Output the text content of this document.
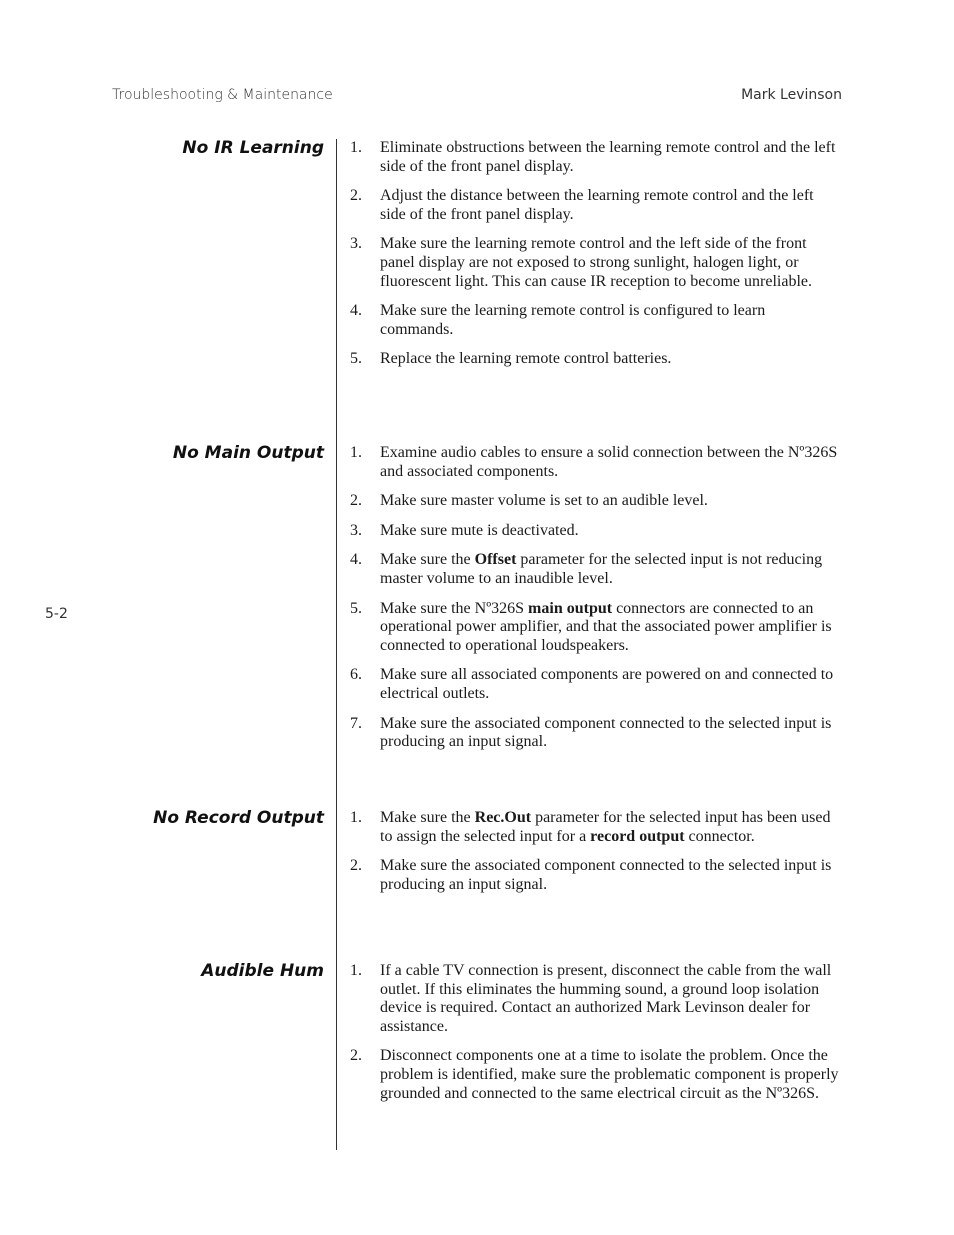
Troubleshooting & Maintenance	Mark Levinson
5-2
No IR Learning 1.	Eliminate obstructions between the learning remote control and the left side of the front panel display.
2.	Adjust the distance between the learning remote control and the left side of the front panel display.
3.	Make sure the learning remote control and the left side of the front panel display are not exposed to strong sunlight, halogen light, or fluorescent light. This can cause IR reception to become unreliable.
4.	Make sure the learning remote control is configured to learn commands.
5.	Replace the learning remote control batteries.
No Main Output 1.	Examine audio cables to ensure a solid connection between the Nº326S and associated components.
2.	Make sure master volume is set to an audible level.
3.	Make sure mute is deactivated.
4.	Make sure the Offset parameter for the selected input is not reducing master volume to an inaudible level.
5.	Make sure the Nº326S main output connectors are connected to an operational power amplifier, and that the associated power amplifier is connected to operational loudspeakers.
6.	Make sure all associated components are powered on and connected to electrical outlets.
7.	Make sure the associated component connected to the selected input is producing an input signal.
No Record Output 1.	Make sure the Rec.Out parameter for the selected input has been used to assign the selected input for a record output connector.
2.	Make sure the associated component connected to the selected input is producing an input signal.
Audible Hum 1.	If a cable TV connection is present, disconnect the cable from the wall outlet. If this eliminates the humming sound, a ground loop isolation device is required. Contact an authorized Mark Levinson dealer for assistance.
2.	Disconnect components one at a time to isolate the problem. Once the problem is identified, make sure the problematic component is properly grounded and connected to the same electrical circuit as the Nº326S.
